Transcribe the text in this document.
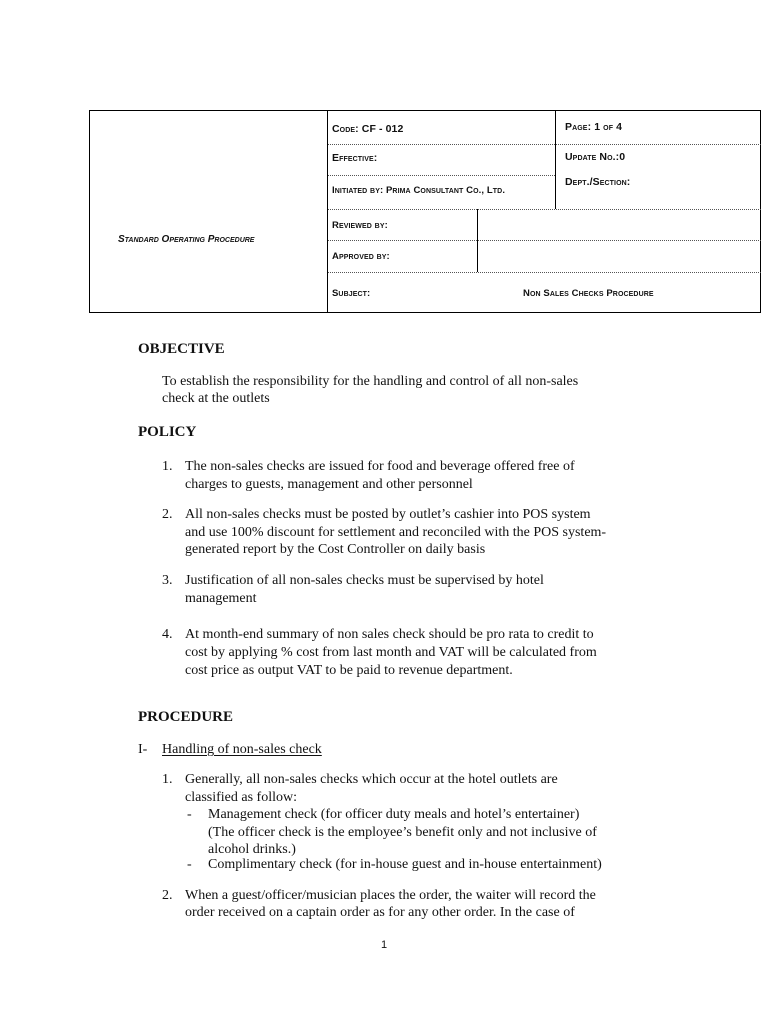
Standard Operating Procedure
Code: CF - 012	Page: 1 of 4
Effective:	Update No.:0
Dept./Section:
Initiated by: Prima Consultant Co., Ltd.
Reviewed by:
Approved by:
Subject:	Non Sales Checks Procedure
OBJECTIVE
To establish the responsibility for the handling and control of all non-sales
check at the outlets
POLICY
1. The non-sales checks are issued for food and beverage offered free of
charges to guests, management and other personnel
2. All non-sales checks must be posted by outlet’s cashier into POS system
and use 100% discount for settlement and reconciled with the POS system-
generated report by the Cost Controller on daily basis
3. Justification of all non-sales checks must be supervised by hotel
management
4. At month-end summary of non sales check should be pro rata to credit to
cost by applying % cost from last month and VAT will be calculated from
cost price as output VAT to be paid to revenue department.
PROCEDURE
I- Handling of non-sales check
1. Generally, all non-sales checks which occur at the hotel outlets are
classified as follow:
- Management check (for officer duty meals and hotel’s entertainer)
(The officer check is the employee’s benefit only and not inclusive of
alcohol drinks.)
- Complimentary check (for in-house guest and in-house entertainment)
2. When a guest/officer/musician places the order, the waiter will record the
order received on a captain order as for any other order. In the case of
1
